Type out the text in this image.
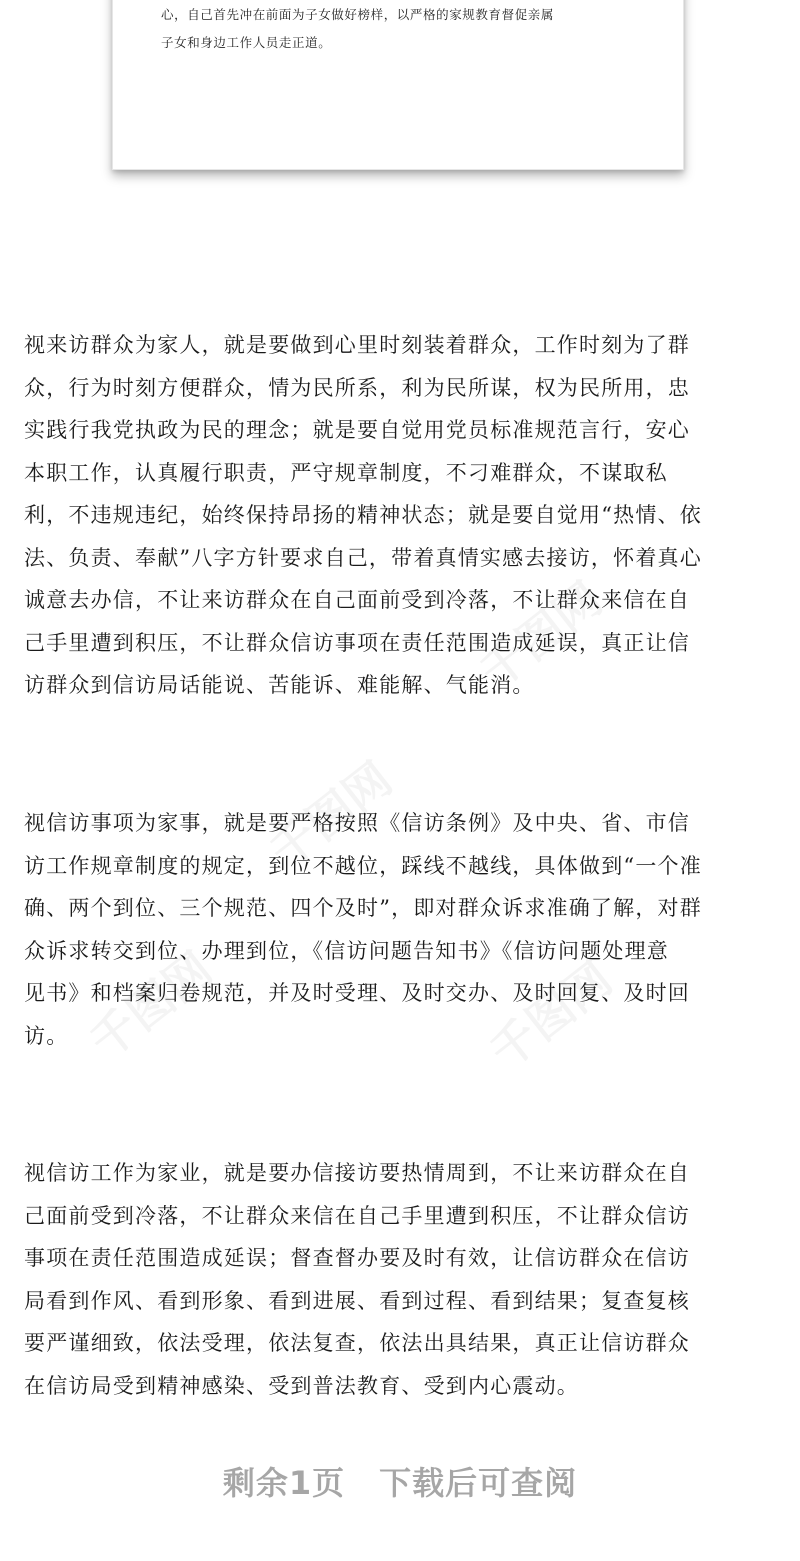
心，自己首先冲在前面为子女做好榜样，以严格的家规教育督促亲属
子女和身边工作人员走正道。
千图网
千图网
千图网	千图网
视来访群众为家人，就是要做到心里时刻装着群众，工作时刻为了群
众，行为时刻方便群众，情为民所系，利为民所谋，权为民所用，忠
实践行我党执政为民的理念；就是要自觉用党员标准规范言行，安心
本职工作，认真履行职责，严守规章制度，不刁难群众，不谋取私
利，不违规违纪，始终保持昂扬的精神状态；就是要自觉用“热情、依
法、负责、奉献”八字方针要求自己，带着真情实感去接访，怀着真心
诚意去办信，不让来访群众在自己面前受到冷落，不让群众来信在自
己手里遭到积压，不让群众信访事项在责任范围造成延误，真正让信
访群众到信访局话能说、苦能诉、难能解、气能消。
视信访事项为家事，就是要严格按照《信访条例》及中央、省、市信
访工作规章制度的规定，到位不越位，踩线不越线，具体做到“一个准
确、两个到位、三个规范、四个及时”，即对群众诉求准确了解，对群
众诉求转交到位、办理到位，《信访问题告知书》《信访问题处理意
见书》和档案归卷规范，并及时受理、及时交办、及时回复、及时回
访。
视信访工作为家业，就是要办信接访要热情周到，不让来访群众在自
己面前受到冷落，不让群众来信在自己手里遭到积压，不让群众信访
事项在责任范围造成延误；督查督办要及时有效，让信访群众在信访
局看到作风、看到形象、看到进展、看到过程、看到结果；复查复核
要严谨细致，依法受理，依法复查，依法出具结果，真正让信访群众
在信访局受到精神感染、受到普法教育、受到内心震动。
剩余1页 下载后可查阅
